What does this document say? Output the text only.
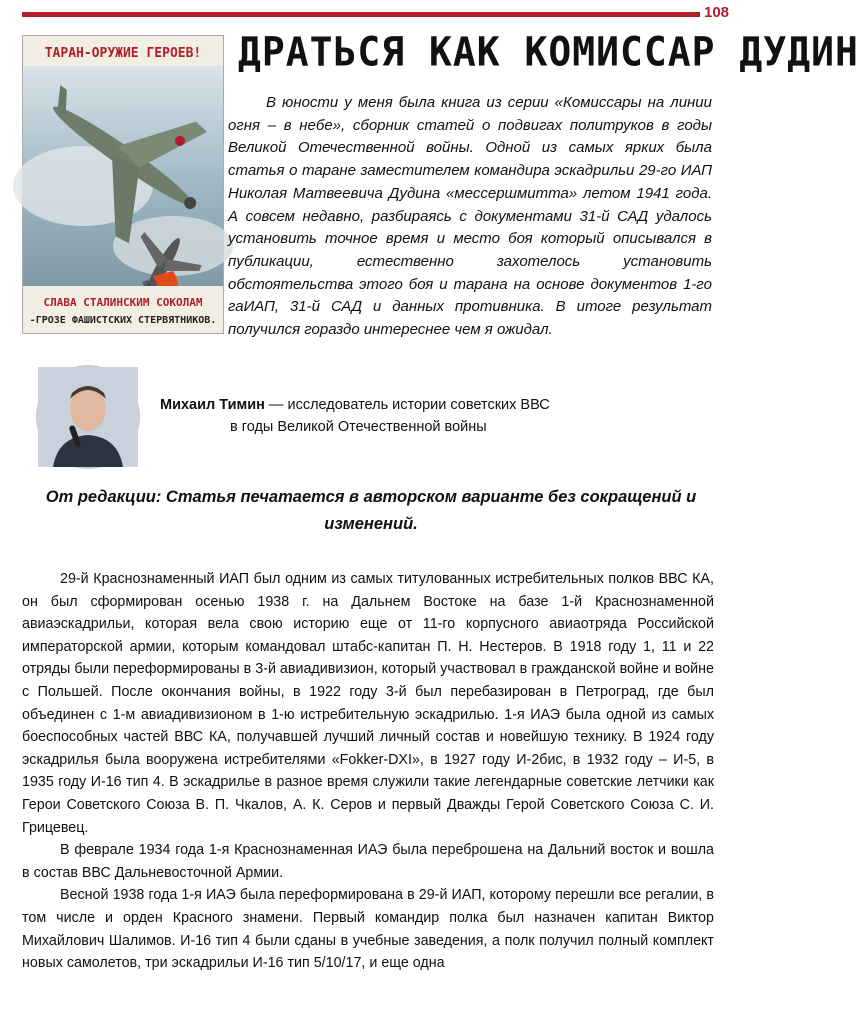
108
ТАРАН-ОРУЖИЕ ГЕРОЕВ!
СЛАВА СТАЛИНСКИМ СОКОЛАМ
-ГРОЗЕ ФАШИСТСКИХ СТЕРВЯТНИКОВ.
ДРАТЬСЯ КАК КОМИССАР ДУДИН

В юности у меня была книга из серии «Комиссары на линии огня – в небе», сборник статей о подвигах политруков в годы Великой Отечественной войны. Одной из самых ярких была статья о таране заместителем командира эскадрильи 29-го ИАП Николая Матвеевича Дудина «мессершмитта» летом 1941 года. А совсем недавно, разбираясь с документами 31-й САД удалось установить точное время и место боя который описывался в публикации, естественно захотелось установить обстоятельства этого боя и тарана на основе документов 1-го гаИАП, 31-й САД и данных противника. В итоге результат получился гораздо интереснее чем я ожидал.

Михаил Тимин — исследователь истории советских ВВС
в годы Великой Отечественной войны

От редакции: Статья печатается в авторском варианте без сокращений и изменений.

29-й Краснознаменный ИАП был одним из самых титулованных истребительных полков ВВС КА, он был сформирован осенью 1938 г. на Дальнем Востоке на базе 1-й Краснознаменной авиаэскадрильи, которая вела свою историю еще от 11-го корпусного авиаотряда Российской императорской армии, которым командовал штабс-капитан П. Н. Нестеров. В 1918 году 1, 11 и 22 отряды были переформированы в 3-й авиадивизион, который участвовал в гражданской войне и войне с Польшей. После окончания войны, в 1922 году 3-й был перебазирован в Петроград, где был объединен с 1-м авиадивизионом в 1-ю истребительную эскадрилью. 1-я ИАЭ была одной из самых боеспособных частей ВВС КА, получавшей лучший личный состав и новейшую технику. В 1924 году эскадрилья была вооружена истребителями «Fokker-DXI», в 1927 году И-2бис, в 1932 году – И-5, в 1935 году И-16 тип 4. В эскадрилье в разное время служили такие легендарные советские летчики как Герои Советского Союза В. П. Чкалов, А. К. Серов и первый Дважды Герой Советского Союза С. И. Грицевец.

В феврале 1934 года 1-я Краснознаменная ИАЭ была переброшена на Дальний восток и вошла в состав ВВС Дальневосточной Армии.

Весной 1938 года 1-я ИАЭ была переформирована в 29-й ИАП, которому перешли все регалии, в том числе и орден Красного знамени. Первый командир полка был назначен капитан Виктор Михайлович Шалимов. И-16 тип 4 были сданы в учебные заведения, а полк получил полный комплект новых самолетов, три эскадрильи И-16 тип 5/10/17, и еще одна
